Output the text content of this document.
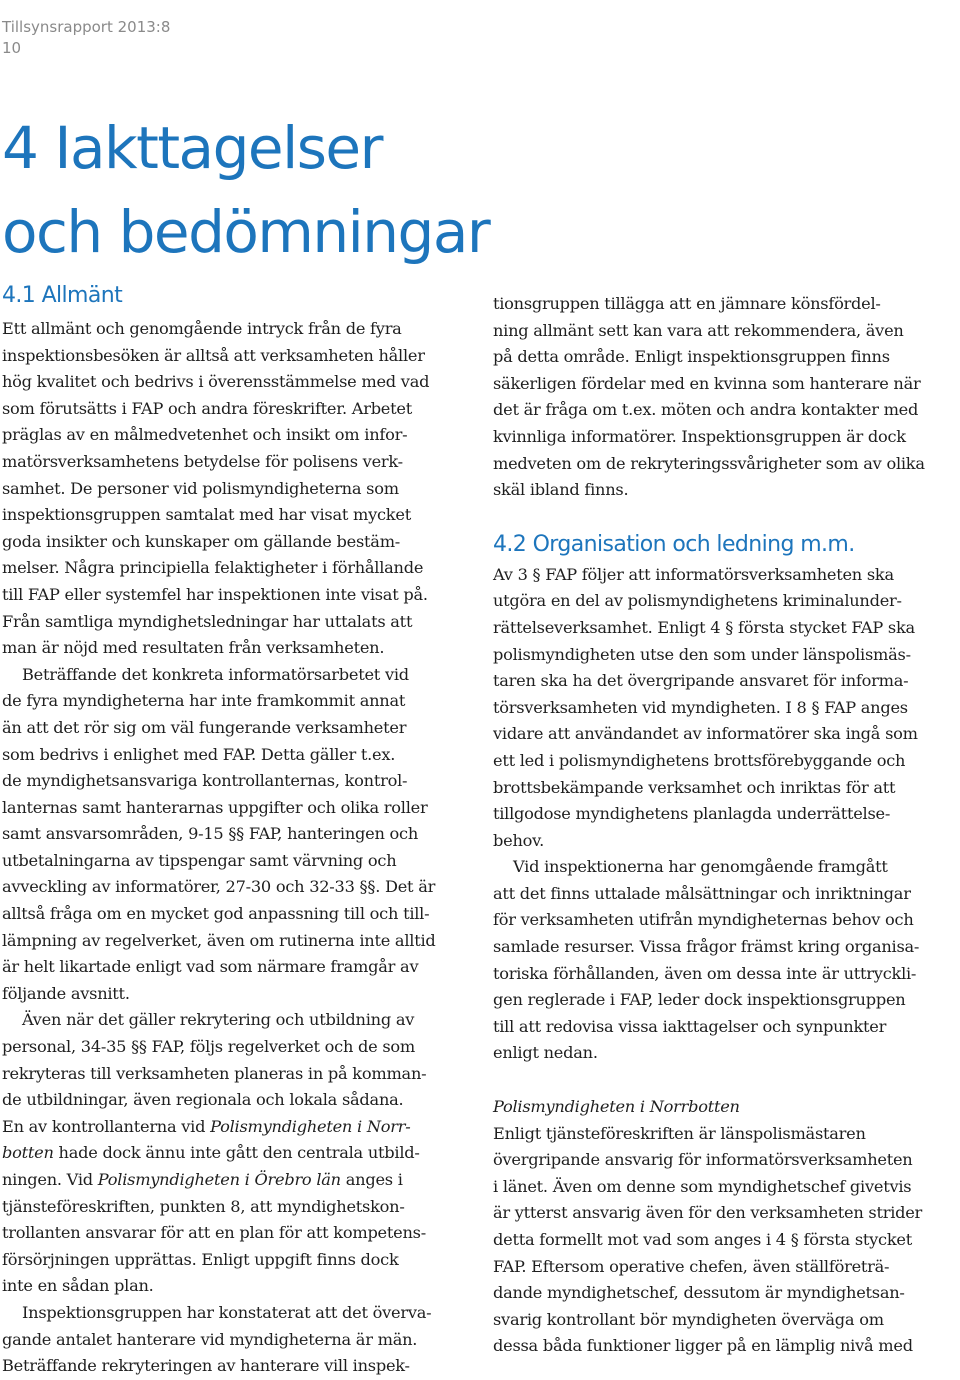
Tillsynsrapport 2013:8
10
4 Iakttagelser
och bedömningar
4.1 Allmänt
Ett allmänt och genomgående intryck från de fyra
inspektionsbesöken är alltså att verksamheten håller
hög kvalitet och bedrivs i överensstämmelse med vad
som förutsätts i FAP och andra föreskrifter. Arbetet
präglas av en målmedvetenhet och insikt om infor-
matörsverksamhetens betydelse för polisens verk-
samhet. De personer vid polismyndigheterna som
inspektionsgruppen samtalat med har visat mycket
goda insikter och kunskaper om gällande bestäm-
melser. Några principiella felaktigheter i förhållande
till FAP eller systemfel har inspektionen inte visat på.
Från samtliga myndighetsledningar har uttalats att
man är nöjd med resultaten från verksamheten.
Beträffande det konkreta informatörsarbetet vid
de fyra myndigheterna har inte framkommit annat
än att det rör sig om väl fungerande verksamheter
som bedrivs i enlighet med FAP. Detta gäller t.ex.
de myndighetsansvariga kontrollanternas, kontrol-
lanternas samt hanterarnas uppgifter och olika roller
samt ansvarsområden, 9-15 §§ FAP, hanteringen och
utbetalningarna av tipspengar samt värvning och
avveckling av informatörer, 27-30 och 32-33 §§. Det är
alltså fråga om en mycket god anpassning till och till-
lämpning av regelverket, även om rutinerna inte alltid
är helt likartade enligt vad som närmare framgår av
följande avsnitt.
Även när det gäller rekrytering och utbildning av
personal, 34-35 §§ FAP, följs regelverket och de som
rekryteras till verksamheten planeras in på komman-
de utbildningar, även regionala och lokala sådana.
En av kontrollanterna vid Polismyndigheten i Norr-
botten hade dock ännu inte gått den centrala utbild-
ningen. Vid Polismyndigheten i Örebro län anges i
tjänsteföreskriften, punkten 8, att myndighetskon-
trollanten ansvarar för att en plan för att kompetens-
försörjningen upprättas. Enligt uppgift finns dock
inte en sådan plan.
Inspektionsgruppen har konstaterat att det överva-
gande antalet hanterare vid myndigheterna är män.
Beträffande rekryteringen av hanterare vill inspek-
tionsgruppen tillägga att en jämnare könsfördel-
ning allmänt sett kan vara att rekommendera, även
på detta område. Enligt inspektionsgruppen finns
säkerligen fördelar med en kvinna som hanterare när
det är fråga om t.ex. möten och andra kontakter med
kvinnliga informatörer. Inspektionsgruppen är dock
medveten om de rekryteringssvårigheter som av olika
skäl ibland finns.
4.2 Organisation och ledning m.m.
Av 3 § FAP följer att informatörsverksamheten ska
utgöra en del av polismyndighetens kriminalunder-
rättelseverksamhet. Enligt 4 § första stycket FAP ska
polismyndigheten utse den som under länspolismäs-
taren ska ha det övergripande ansvaret för informa-
törsverksamheten vid myndigheten. I 8 § FAP anges
vidare att användandet av informatörer ska ingå som
ett led i polismyndighetens brottsförebyggande och
brottsbekämpande verksamhet och inriktas för att
tillgodose myndighetens planlagda underrättelse-
behov.
Vid inspektionerna har genomgående framgått
att det finns uttalade målsättningar och inriktningar
för verksamheten utifrån myndigheternas behov och
samlade resurser. Vissa frågor främst kring organisa-
toriska förhållanden, även om dessa inte är uttryckli-
gen reglerade i FAP, leder dock inspektionsgruppen
till att redovisa vissa iakttagelser och synpunkter
enligt nedan.
Polismyndigheten i Norrbotten
Enligt tjänsteföreskriften är länspolismästaren
övergripande ansvarig för informatörsverksamheten
i länet. Även om denne som myndighetschef givetvis
är ytterst ansvarig även för den verksamheten strider
detta formellt mot vad som anges i 4 § första stycket
FAP. Eftersom operative chefen, även ställföreträ-
dande myndighetschef, dessutom är myndighetsan-
svarig kontrollant bör myndigheten överväga om
dessa båda funktioner ligger på en lämplig nivå med
